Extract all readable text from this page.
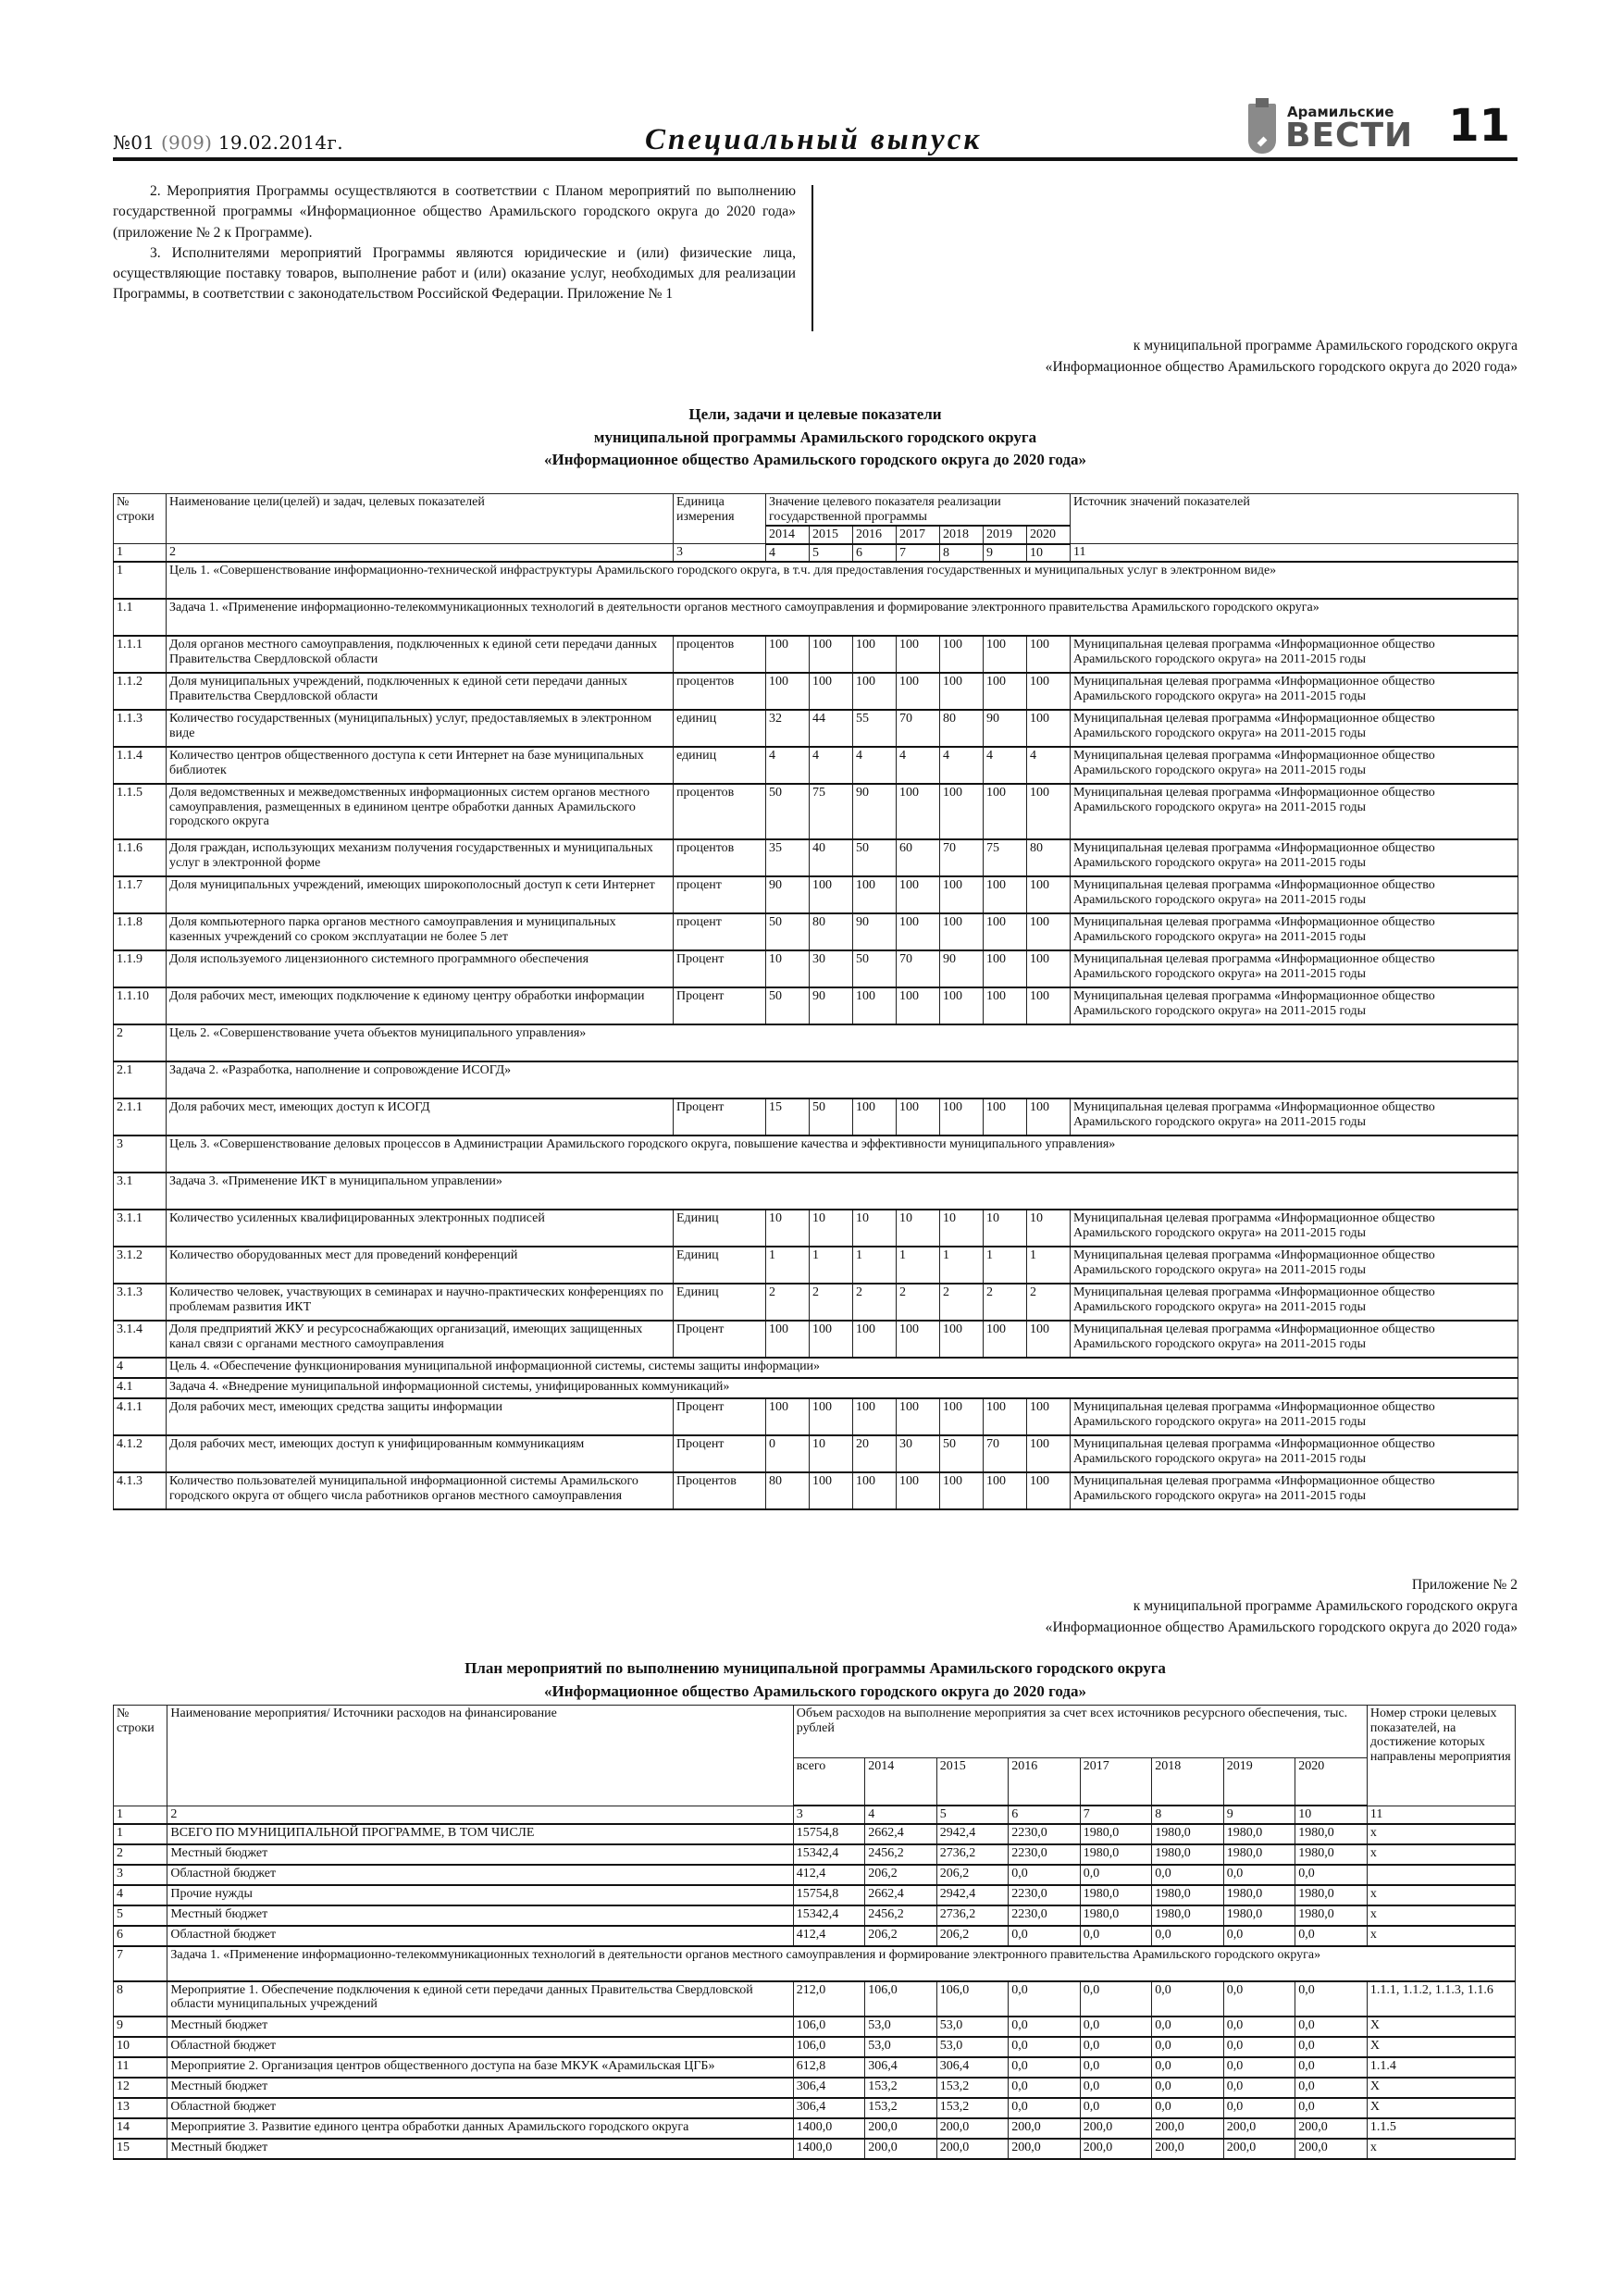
№01 (909) 19.02.2014г.	Специальный выпуск
Арамильские
ВЕСТИ 11

2. Мероприятия Программы осуществляются в соответствии с Планом мероприятий по выполнению государственной программы «Информационное общество Арамильского городского округа до 2020 года» (приложение № 2 к Программе).

3. Исполнителями мероприятий Программы являются юридические и (или) физические лица, осуществляющие поставку товаров, выполнение работ и (или) оказание услуг, необходимых для реализации Программы, в соответствии с законодательством Российской Федерации. Приложение № 1

к муниципальной программе Арамильского городского округа
«Информационное общество Арамильского городского округа до 2020 года»
Цели, задачи и целевые показатели
муниципальной программы Арамильского городского округа
«Информационное общество Арамильского городского округа до 2020 года»
№ строки	Наименование цели(целей) и задач, целевых показателей	Единица измерения	Значение целевого показателя реализации государственной программы							Источник значений показателей
			2014	2015	2016	2017	2018	2019	2020	
1	2	3	4	5	6	7	8	9	10	11
1	Цель 1. «Совершенствование информационно-технической инфраструктуры Арамильского городского округа, в т.ч. для предоставления государственных и муниципальных услуг в электронном виде»									
1.1	Задача 1. «Применение информационно-телекоммуникационных технологий в деятельности органов местного самоуправления и формирование электронного правительства Арамильского городского округа»									
1.1.1	Доля органов местного самоуправления, подключенных к единой сети передачи данных Правительства Свердловской области	процентов	100	100	100	100	100	100	100	Муниципальная целевая программа «Информационное общество Арамильского городского округа» на 2011-2015 годы
1.1.2	Доля муниципальных учреждений, подключенных к единой сети передачи данных Правительства Свердловской области	процентов	100	100	100	100	100	100	100	Муниципальная целевая программа «Информационное общество Арамильского городского округа» на 2011-2015 годы
1.1.3	Количество государственных (муниципальных) услуг, предоставляемых в электронном виде	единиц	32	44	55	70	80	90	100	Муниципальная целевая программа «Информационное общество Арамильского городского округа» на 2011-2015 годы
1.1.4	Количество центров общественного доступа к сети Интернет на базе муниципальных библиотек	единиц	4	4	4	4	4	4	4	Муниципальная целевая программа «Информационное общество Арамильского городского округа» на 2011-2015 годы
1.1.5	Доля ведомственных и межведомственных информационных систем органов местного самоуправления, размещенных в единином центре обработки данных Арамильского городского округа	процентов	50	75	90	100	100	100	100	Муниципальная целевая программа «Информационное общество Арамильского городского округа» на 2011-2015 годы
1.1.6	Доля граждан, использующих механизм получения государственных и муниципальных услуг в электронной форме	процентов	35	40	50	60	70	75	80	Муниципальная целевая программа «Информационное общество Арамильского городского округа» на 2011-2015 годы
1.1.7	Доля муниципальных учреждений, имеющих широкополосный доступ к сети Интернет	процент	90	100	100	100	100	100	100	Муниципальная целевая программа «Информационное общество Арамильского городского округа» на 2011-2015 годы
1.1.8	Доля компьютерного парка органов местного самоуправления и муниципальных казенных учреждений со сроком эксплуатации не более 5 лет	процент	50	80	90	100	100	100	100	Муниципальная целевая программа «Информационное общество Арамильского городского округа» на 2011-2015 годы
1.1.9	Доля используемого лицензионного системного программного обеспечения	Процент	10	30	50	70	90	100	100	Муниципальная целевая программа «Информационное общество Арамильского городского округа» на 2011-2015 годы
1.1.10	Доля рабочих мест, имеющих подключение к единому центру обработки информации	Процент	50	90	100	100	100	100	100	Муниципальная целевая программа «Информационное общество Арамильского городского округа» на 2011-2015 годы
2	Цель 2. «Совершенствование учета объектов муниципального управления»									
2.1	Задача 2. «Разработка, наполнение и сопровождение ИСОГД»									
2.1.1	Доля рабочих мест, имеющих доступ к ИСОГД	Процент	15	50	100	100	100	100	100	Муниципальная целевая программа «Информационное общество Арамильского городского округа» на 2011-2015 годы
3	Цель 3. «Совершенствование деловых процессов в Администрации Арамильского городского округа, повышение качества и эффективности муниципального управления»									
3.1	Задача 3. «Применение ИКТ в муниципальном управлении»									
3.1.1	Количество усиленных квалифицированных электронных подписей	Единиц	10	10	10	10	10	10	10	Муниципальная целевая программа «Информационное общество Арамильского городского округа» на 2011-2015 годы
3.1.2	Количество оборудованных мест для проведений конференций	Единиц	1	1	1	1	1	1	1	Муниципальная целевая программа «Информационное общество Арамильского городского округа» на 2011-2015 годы
3.1.3	Количество человек, участвующих в семинарах и научно-практических конференциях по проблемам развития ИКТ	Единиц	2	2	2	2	2	2	2	Муниципальная целевая программа «Информационное общество Арамильского городского округа» на 2011-2015 годы
3.1.4	Доля предприятий ЖКУ и ресурсоснабжающих организаций, имеющих защищенных канал связи с органами местного самоуправления	Процент	100	100	100	100	100	100	100	Муниципальная целевая программа «Информационное общество Арамильского городского округа» на 2011-2015 годы
4	Цель 4. «Обеспечение функционирования муниципальной информационной системы, системы защиты информации»									
4.1	Задача 4. «Внедрение муниципальной информационной системы, унифицированных коммуникаций»									
4.1.1	Доля рабочих мест, имеющих средства защиты информации	Процент	100	100	100	100	100	100	100	Муниципальная целевая программа «Информационное общество Арамильского городского округа» на 2011-2015 годы
4.1.2	Доля рабочих мест, имеющих доступ к унифицированным коммуникациям	Процент	0	10	20	30	50	70	100	Муниципальная целевая программа «Информационное общество Арамильского городского округа» на 2011-2015 годы
4.1.3	Количество пользователей муниципальной информационной системы Арамильского городского округа от общего числа работников органов местного самоуправления	Процентов	80	100	100	100	100	100	100	Муниципальная целевая программа «Информационное общество Арамильского городского округа» на 2011-2015 годы
Приложение № 2
к муниципальной программе Арамильского городского округа
«Информационное общество Арамильского городского округа до 2020 года»
План мероприятий по выполнению муниципальной программы Арамильского городского округа
«Информационное общество Арамильского городского округа до 2020 года»
№ строки	Наименование мероприятия/ Источники расходов на финансирование	Объем расходов на выполнение мероприятия за счет всех источников ресурсного обеспечения, тыс. рублей								Номер строки целевых показателей, на достижение которых направлены мероприятия
		всего	2014	2015	2016	2017	2018	2019	2020	
1	2	3	4	5	6	7	8	9	10	11
1	ВСЕГО ПО МУНИЦИПАЛЬНОЙ ПРОГРАММЕ, В ТОМ ЧИСЛЕ	15754,8	2662,4	2942,4	2230,0	1980,0	1980,0	1980,0	1980,0	х
2	Местный бюджет	15342,4	2456,2	2736,2	2230,0	1980,0	1980,0	1980,0	1980,0	х
3	Областной бюджет	412,4	206,2	206,2	0,0	0,0	0,0	0,0	0,0	
4	Прочие нужды	15754,8	2662,4	2942,4	2230,0	1980,0	1980,0	1980,0	1980,0	х
5	Местный бюджет	15342,4	2456,2	2736,2	2230,0	1980,0	1980,0	1980,0	1980,0	х
6	Областной бюджет	412,4	206,2	206,2	0,0	0,0	0,0	0,0	0,0	х
7	Задача 1. «Применение информационно-телекоммуникационных технологий в деятельности органов местного самоуправления и формирование электронного правительства Арамильского городского округа»									
8	Мероприятие 1. Обеспечение подключения к единой сети передачи данных Правительства Свердловской области муниципальных учреждений	212,0	106,0	106,0	0,0	0,0	0,0	0,0	0,0	1.1.1, 1.1.2, 1.1.3, 1.1.6
9	Местный бюджет	106,0	53,0	53,0	0,0	0,0	0,0	0,0	0,0	Х
10	Областной бюджет	106,0	53,0	53,0	0,0	0,0	0,0	0,0	0,0	Х
11	Мероприятие 2. Организация центров общественного доступа на базе МКУК «Арамильская ЦГБ»	612,8	306,4	306,4	0,0	0,0	0,0	0,0	0,0	1.1.4
12	Местный бюджет	306,4	153,2	153,2	0,0	0,0	0,0	0,0	0,0	Х
13	Областной бюджет	306,4	153,2	153,2	0,0	0,0	0,0	0,0	0,0	Х
14	Мероприятие 3. Развитие единого центра обработки данных Арамильского городского округа	1400,0	200,0	200,0	200,0	200,0	200,0	200,0	200,0	1.1.5
15	Местный бюджет	1400,0	200,0	200,0	200,0	200,0	200,0	200,0	200,0	х
